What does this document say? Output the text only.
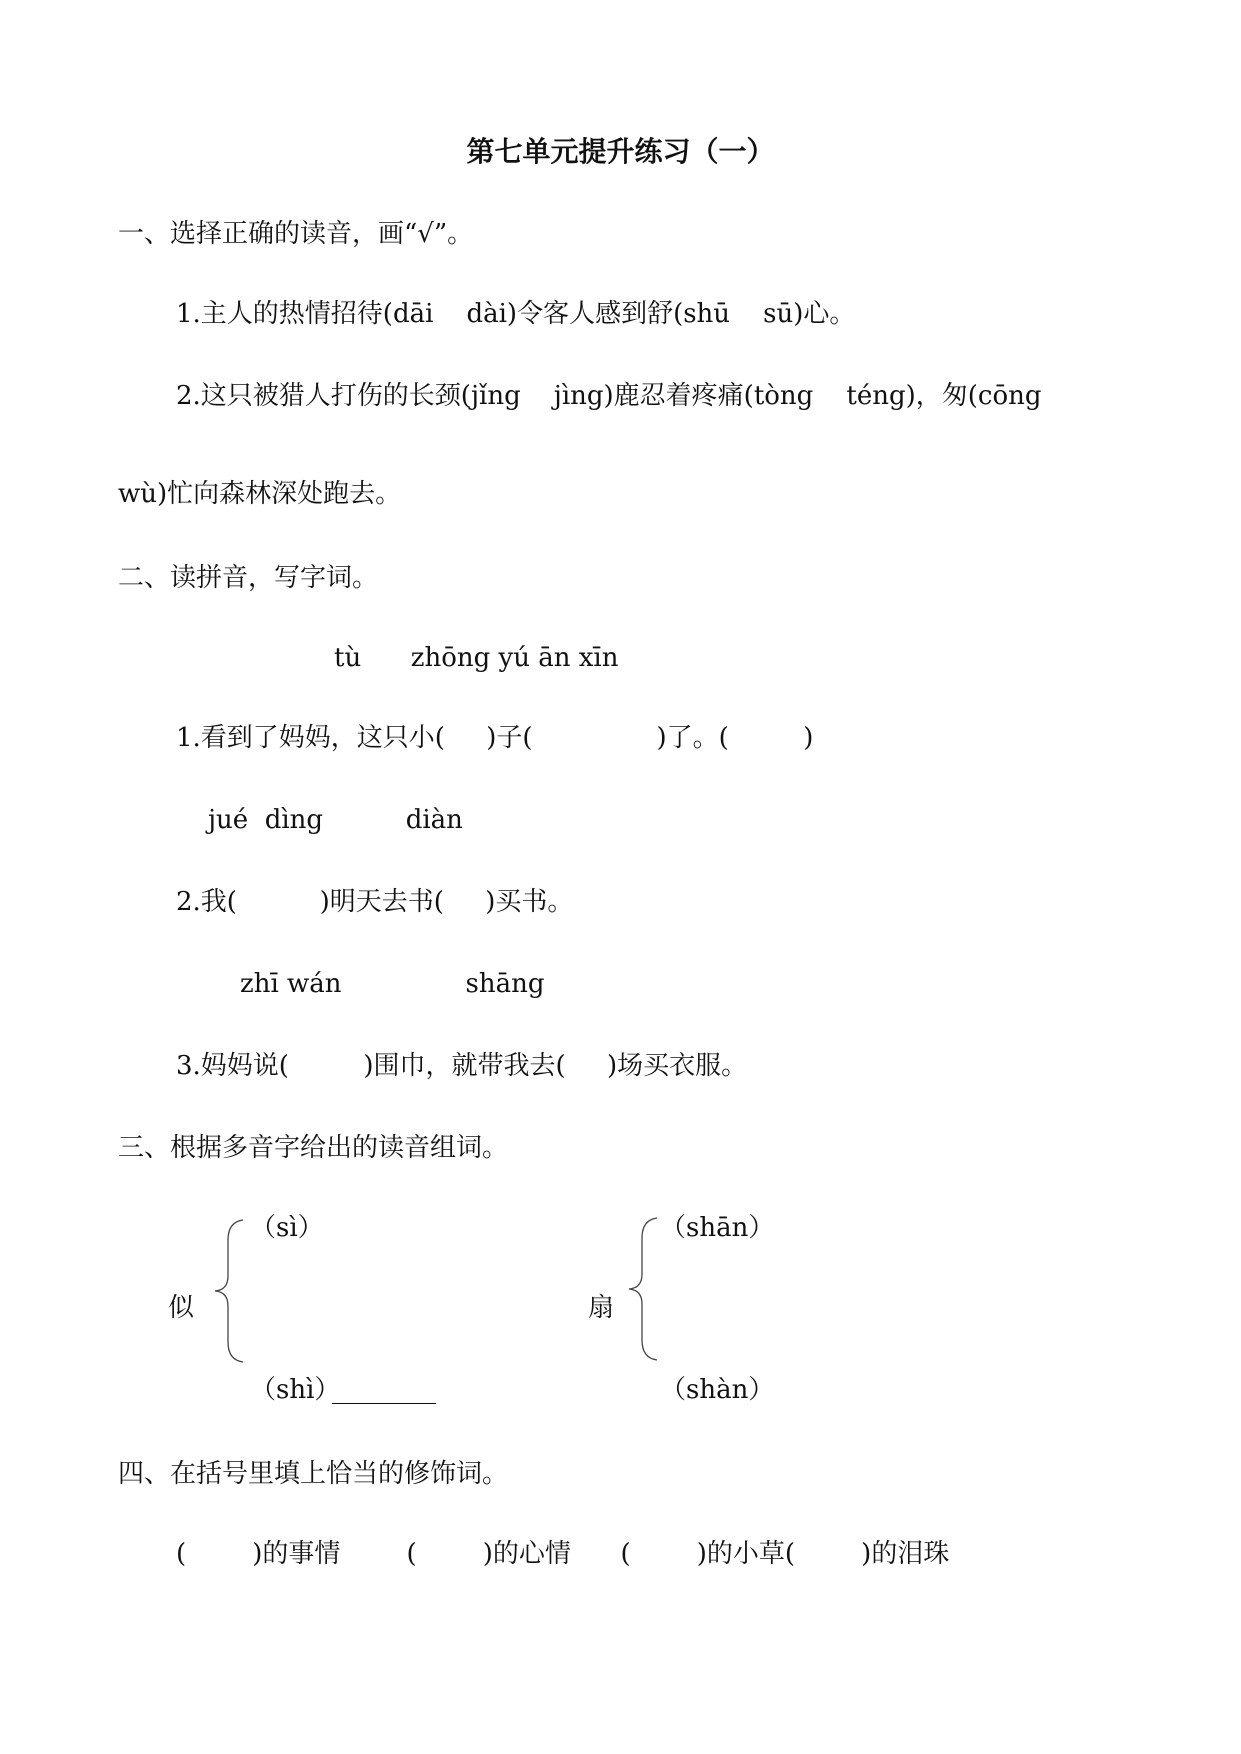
第七单元提升练习（一）
一、选择正确的读音，画“√”。
1.主人的热情招待(dāi    dài)令客人感到舒(shū    sū)心。
2.这只被猎人打伤的长颈(jǐng    jìng)鹿忍着疼痛(tòng    téng)，匆(cōng
wù)忙向森林深处跑去。
二、读拼音，写字词。
tù      zhōng yú ān xīn
1.看到了妈妈，这只小(     )子(               )了。(         )
jué  dìng          diàn
2.我(          )明天去书(     )买书。
zhī wán               shāng
3.妈妈说(         )围巾，就带我去(     )场买衣服。
三、根据多音字给出的读音组词。
似
（sì）
（shì）
________
扇
（shān）
（shàn）
四、在括号里填上恰当的修饰词。
(        )的事情        (        )的心情      (        )的小草(        )的泪珠
